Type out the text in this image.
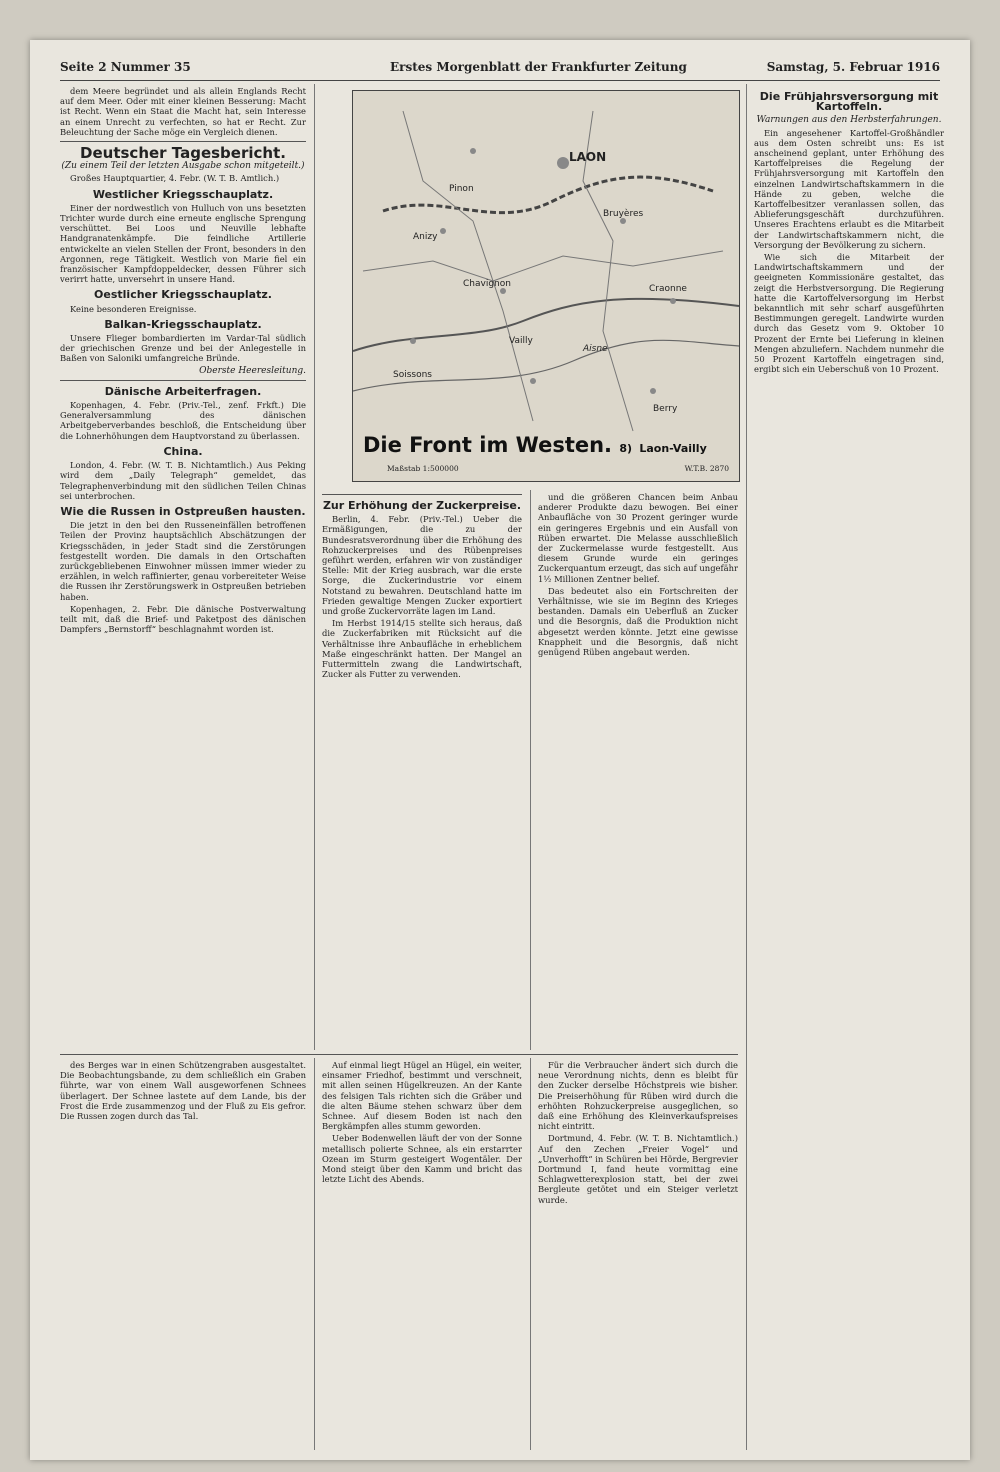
Seite 2 Nummer 35	Erstes Morgenblatt der Frankfurter Zeitung	Samstag, 5. Februar 1916

dem Meere begründet und als allein Englands Recht auf dem Meer. Oder mit einer kleinen Besserung: Macht ist Recht. Wenn ein Staat die Macht hat, sein Interesse an einem Unrecht zu verfechten, so hat er Recht. Zur Beleuchtung der Sache möge ein Vergleich dienen.

Deutscher Tagesbericht.
(Zu einem Teil der letzten Ausgabe schon mitgeteilt.)

Großes Hauptquartier, 4. Febr. (W. T. B. Amtlich.)

Westlicher Kriegsschauplatz.

Einer der nordwestlich von Hulluch von uns besetzten Trichter wurde durch eine erneute englische Sprengung verschüttet. Bei Loos und Neuville lebhafte Handgranatenkämpfe. Die feindliche Artillerie entwickelte an vielen Stellen der Front, besonders in den Argonnen, rege Tätigkeit. Westlich von Marie fiel ein französischer Kampfdoppeldecker, dessen Führer sich verirrt hatte, unversehrt in unsere Hand.

Oestlicher Kriegsschauplatz.

Keine besonderen Ereignisse.

Balkan-Kriegsschauplatz.

Unsere Flieger bombardierten im Vardar-Tal südlich der griechischen Grenze und bei der Anlegestelle in Baßen von Saloniki umfangreiche Bründe.

Oberste Heeresleitung.
Dänische Arbeiterfragen.

Kopenhagen, 4. Febr. (Priv.-Tel., zenf. Frkft.) Die Generalversammlung des dänischen Arbeitgeberverbandes beschloß, die Entscheidung über die Lohnerhöhungen dem Hauptvorstand zu überlassen.

China.

London, 4. Febr. (W. T. B. Nichtamtlich.) Aus Peking wird dem „Daily Telegraph“ gemeldet, das Telegraphenverbindung mit den südlichen Teilen Chinas sei unterbrochen.

Wie die Russen in Ostpreußen hausten.

Die jetzt in den bei den Russeneinfällen betroffenen Teilen der Provinz hauptsächlich Abschätzungen der Kriegsschäden, in jeder Stadt sind die Zerstörungen festgestellt worden. Die damals in den Ortschaften zurückgebliebenen Einwohner müssen immer wieder zu erzählen, in welch raffinierter, genau vorbereiteter Weise die Russen ihr Zerstörungswerk in Ostpreußen betrieben haben.

Kopenhagen, 2. Febr. Die dänische Postverwaltung teilt mit, daß die Brief- und Paketpost des dänischen Dampfers „Bernstorff“ beschlagnahmt worden ist.

LAON
Anizy
Vailly
Soissons
Craonne
Aisne
Chavignon
Pinon
Bruyères
Berry
Die Front im Westen. 8) Laon-Vailly
Maßstab 1:500000	W.T.B. 2870
Zur Erhöhung der Zuckerpreise.

Berlin, 4. Febr. (Priv.-Tel.) Ueber die Ermäßigungen, die zu der Bundesratsverordnung über die Erhöhung des Rohzuckerpreises und des Rübenpreises geführt werden, erfahren wir von zuständiger Stelle: Mit der Krieg ausbrach, war die erste Sorge, die Zuckerindustrie vor einem Notstand zu bewahren. Deutschland hatte im Frieden gewaltige Mengen Zucker exportiert und große Zuckervorräte lagen im Land.

Im Herbst 1914/15 stellte sich heraus, daß die Zuckerfabriken mit Rücksicht auf die Verhältnisse ihre Anbaufläche in erheblichem Maße eingeschränkt hatten. Der Mangel an Futtermitteln zwang die Landwirtschaft, Zucker als Futter zu verwenden.

und die größeren Chancen beim Anbau anderer Produkte dazu bewogen. Bei einer Anbaufläche von 30 Prozent geringer wurde ein geringeres Ergebnis und ein Ausfall von Rüben erwartet. Die Melasse ausschließlich der Zuckermelasse wurde festgestellt. Aus diesem Grunde wurde ein geringes Zuckerquantum erzeugt, das sich auf ungefähr 1½ Millionen Zentner belief.

Das bedeutet also ein Fortschreiten der Verhältnisse, wie sie im Beginn des Krieges bestanden. Damals ein Ueberfluß an Zucker und die Besorgnis, daß die Produktion nicht abgesetzt werden könnte. Jetzt eine gewisse Knappheit und die Besorgnis, daß nicht genügend Rüben angebaut werden.

Die Frühjahrsversorgung mit Kartoffeln.
Warnungen aus den Herbsterfahrungen.

Ein angesehener Kartoffel-Großhändler aus dem Osten schreibt uns: Es ist anscheinend geplant, unter Erhöhung des Kartoffelpreises die Regelung der Frühjahrsversorgung mit Kartoffeln den einzelnen Landwirtschaftskammern in die Hände zu geben, welche die Kartoffelbesitzer veranlassen sollen, das Ablieferungsgeschäft durchzuführen. Unseres Erachtens erlaubt es die Mitarbeit der Landwirtschaftskammern nicht, die Versorgung der Bevölkerung zu sichern.

Wie sich die Mitarbeit der Landwirtschaftskammern und der geeigneten Kommissionäre gestaltet, das zeigt die Herbstversorgung. Die Regierung hatte die Kartoffelversorgung im Herbst bekanntlich mit sehr scharf ausgeführten Bestimmungen geregelt. Landwirte wurden durch das Gesetz vom 9. Oktober 10 Prozent der Ernte bei Lieferung in kleinen Mengen abzuliefern. Nachdem nunmehr die 50 Prozent Kartoffeln eingetragen sind, ergibt sich ein Ueberschuß von 10 Prozent.

des Berges war in einen Schützengraben ausgestaltet. Die Beobachtungsbande, zu dem schließlich ein Graben führte, war von einem Wall ausgeworfenen Schnees überlagert. Der Schnee lastete auf dem Lande, bis der Frost die Erde zusammenzog und der Fluß zu Eis gefror. Die Russen zogen durch das Tal.

Auf einmal liegt Hügel an Hügel, ein weiter, einsamer Friedhof, bestimmt und verschneit, mit allen seinen Hügelkreuzen. An der Kante des felsigen Tals richten sich die Gräber und die alten Bäume stehen schwarz über dem Schnee. Auf diesem Boden ist nach den Bergkämpfen alles stumm geworden.

Ueber Bodenwellen läuft der von der Sonne metallisch polierte Schnee, als ein erstarrter Ozean im Sturm gesteigert Wogentäler. Der Mond steigt über den Kamm und bricht das letzte Licht des Abends.

Für die Verbraucher ändert sich durch die neue Verordnung nichts, denn es bleibt für den Zucker derselbe Höchstpreis wie bisher. Die Preiserhöhung für Rüben wird durch die erhöhten Rohzuckerpreise ausgeglichen, so daß eine Erhöhung des Kleinverkaufspreises nicht eintritt.

Dortmund, 4. Febr. (W. T. B. Nichtamtlich.) Auf den Zechen „Freier Vogel“ und „Unverhofft“ in Schüren bei Hörde, Bergrevier Dortmund I, fand heute vormittag eine Schlagwetterexplosion statt, bei der zwei Bergleute getötet und ein Steiger verletzt wurde.
